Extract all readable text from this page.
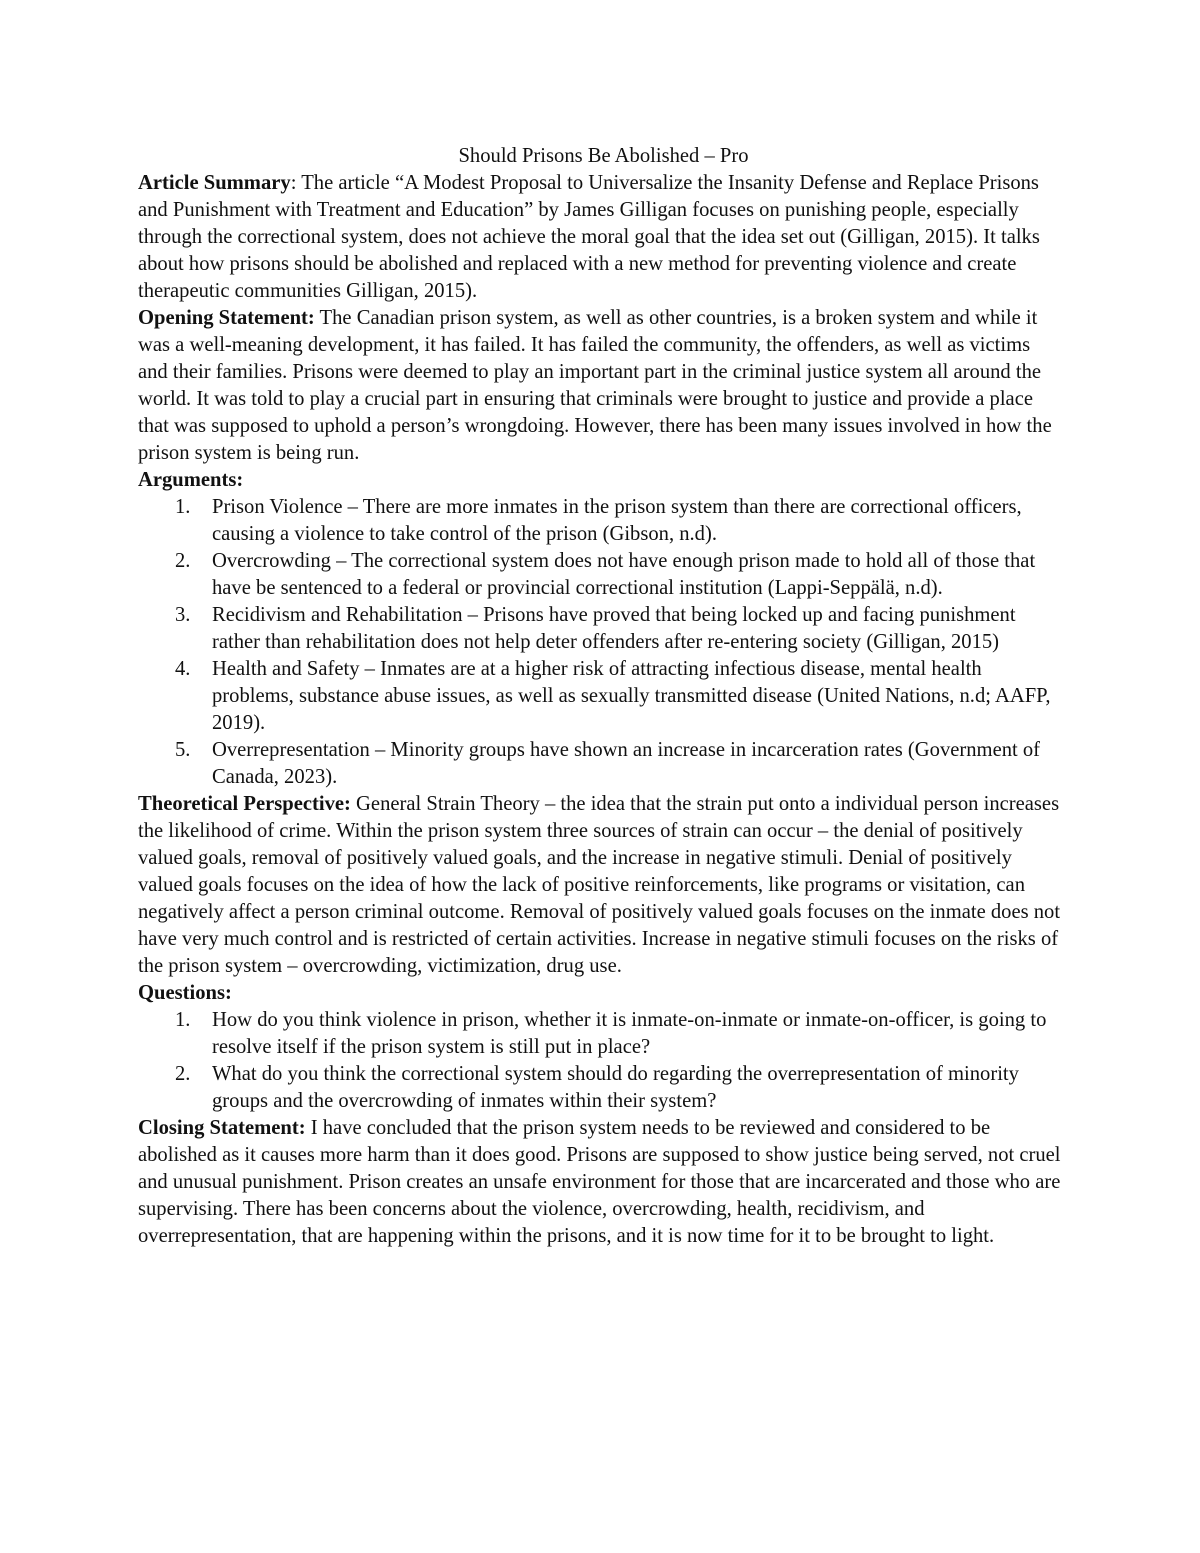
Should Prisons Be Abolished – Pro

Article Summary: The article “A Modest Proposal to Universalize the Insanity Defense and Replace Prisons and Punishment with Treatment and Education” by James Gilligan focuses on punishing people, especially through the correctional system, does not achieve the moral goal that the idea set out (Gilligan, 2015). It talks about how prisons should be abolished and replaced with a new method for preventing violence and create therapeutic communities Gilligan, 2015).

Opening Statement: The Canadian prison system, as well as other countries, is a broken system and while it was a well-meaning development, it has failed. It has failed the community, the offenders, as well as victims and their families. Prisons were deemed to play an important part in the criminal justice system all around the world. It was told to play a crucial part in ensuring that criminals were brought to justice and provide a place that was supposed to uphold a person’s wrongdoing. However, there has been many issues involved in how the prison system is being run.

Arguments:

1. Prison Violence – There are more inmates in the prison system than there are correctional officers, causing a violence to take control of the prison (Gibson, n.d).
2. Overcrowding – The correctional system does not have enough prison made to hold all of those that have be sentenced to a federal or provincial correctional institution (Lappi-Seppälä, n.d).
3. Recidivism and Rehabilitation – Prisons have proved that being locked up and facing punishment rather than rehabilitation does not help deter offenders after re-entering society (Gilligan, 2015)
4. Health and Safety – Inmates are at a higher risk of attracting infectious disease, mental health problems, substance abuse issues, as well as sexually transmitted disease (United Nations, n.d; AAFP, 2019).
5. Overrepresentation – Minority groups have shown an increase in incarceration rates (Government of Canada, 2023).

Theoretical Perspective: General Strain Theory – the idea that the strain put onto a individual person increases the likelihood of crime. Within the prison system three sources of strain can occur – the denial of positively valued goals, removal of positively valued goals, and the increase in negative stimuli. Denial of positively valued goals focuses on the idea of how the lack of positive reinforcements, like programs or visitation, can negatively affect a person criminal outcome. Removal of positively valued goals focuses on the inmate does not have very much control and is restricted of certain activities. Increase in negative stimuli focuses on the risks of the prison system – overcrowding, victimization, drug use.

Questions:

1. How do you think violence in prison, whether it is inmate-on-inmate or inmate-on-officer, is going to resolve itself if the prison system is still put in place?
2. What do you think the correctional system should do regarding the overrepresentation of minority groups and the overcrowding of inmates within their system?

Closing Statement: I have concluded that the prison system needs to be reviewed and considered to be abolished as it causes more harm than it does good. Prisons are supposed to show justice being served, not cruel and unusual punishment. Prison creates an unsafe environment for those that are incarcerated and those who are supervising. There has been concerns about the violence, overcrowding, health, recidivism, and overrepresentation, that are happening within the prisons, and it is now time for it to be brought to light.
